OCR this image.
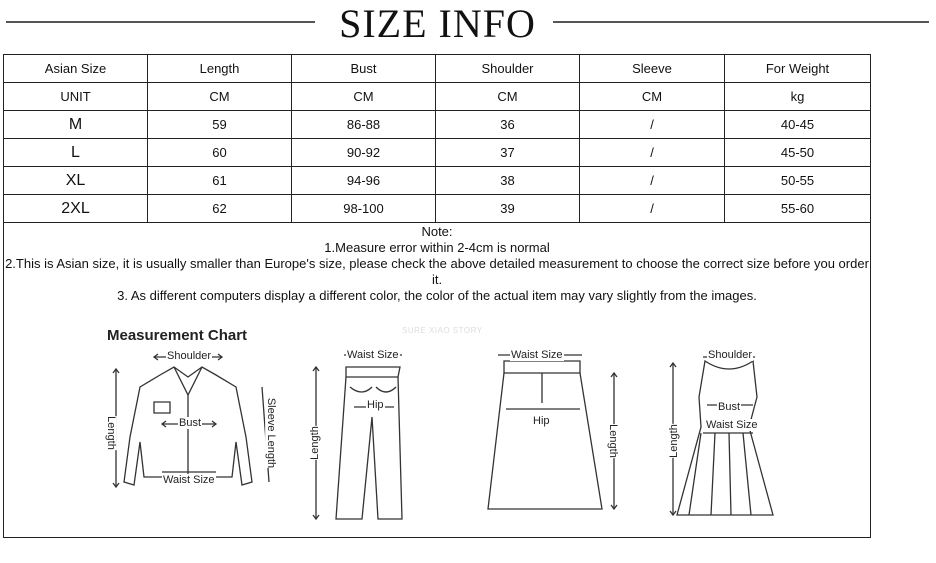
SIZE INFO
Asian Size	Length	Bust	Shoulder	Sleeve	For Weight
UNIT	CM	CM	CM	CM	kg
M	59	86-88	36	/	40-45
L	60	90-92	37	/	45-50
XL	61	94-96	38	/	50-55
2XL	62	98-100	39	/	55-60
Note:
1.Measure error within 2-4cm is normal
2.This is Asian size, it is usually smaller than Europe's size, please check the above detailed measurement to choose the correct size before you order it.
3. As different computers display a different color, the color of the actual item may vary slightly from the images.
Measurement Chart	SURE XIAO STORY
Shoulder
Bust
Waist Size
Length	Sleeve Length
Waist Size
Hip
Length
Waist Size
Hip
Length
Shoulder
Bust
Waist Size
Length
